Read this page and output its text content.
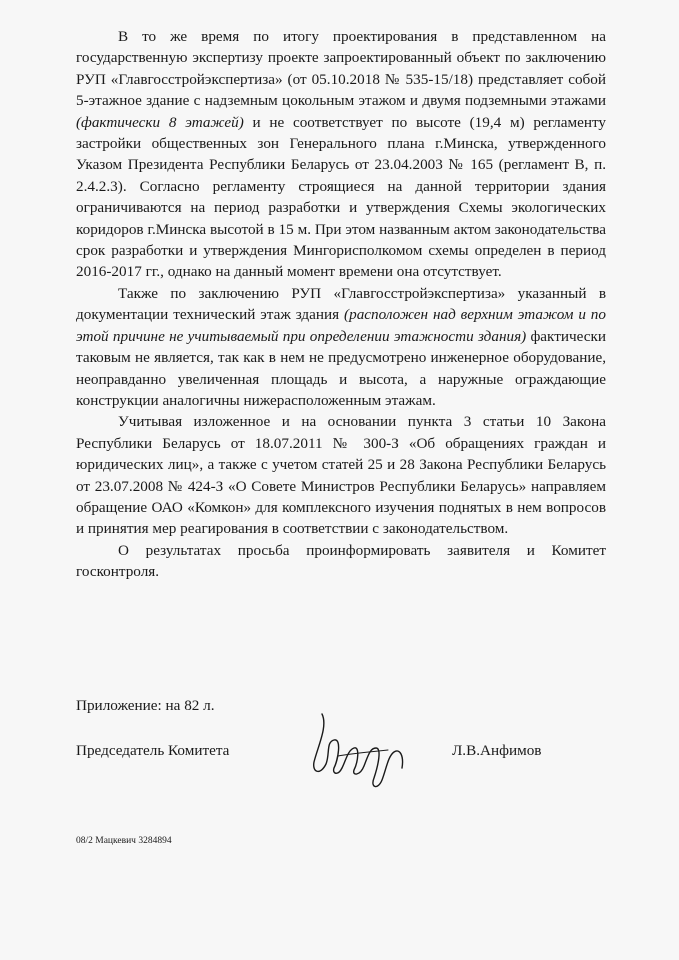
В то же время по итогу проектирования в представленном на государственную экспертизу проекте запроектированный объект по заключению РУП «Главгосстройэкспертиза» (от 05.10.2018 № 535-15/18) представляет собой 5-этажное здание с надземным цокольным этажом и двумя подземными этажами (фактически 8 этажей) и не соответствует по высоте (19,4 м) регламенту застройки общественных зон Генерального плана г.Минска, утвержденного Указом Президента Республики Беларусь от 23.04.2003 № 165 (регламент В, п. 2.4.2.3). Согласно регламенту строящиеся на данной территории здания ограничиваются на период разработки и утверждения Схемы экологических коридоров г.Минска высотой в 15 м. При этом названным актом законодательства срок разработки и утверждения Мингорисполкомом схемы определен в период 2016-2017 гг., однако на данный момент времени она отсутствует.

Также по заключению РУП «Главгосстройэкспертиза» указанный в документации технический этаж здания (расположен над верхним этажом и по этой причине не учитываемый при определении этажности здания) фактически таковым не является, так как в нем не предусмотрено инженерное оборудование, неоправданно увеличенная площадь и высота, а наружные ограждающие конструкции аналогичны нижерасположенным этажам.

Учитывая изложенное и на основании пункта 3 статьи 10 Закона Республики Беларусь от 18.07.2011 № 300-З «Об обращениях граждан и юридических лиц», а также с учетом статей 25 и 28 Закона Республики Беларусь от 23.07.2008 № 424-З «О Совете Министров Республики Беларусь» направляем обращение ОАО «Комкон» для комплексного изучения поднятых в нем вопросов и принятия мер реагирования в соответствии с законодательством.

О результатах просьба проинформировать заявителя и Комитет госконтроля.

Приложение: на 82 л.
Председатель Комитета	Л.В.Анфимов
08/2 Мацкевич 3284894
